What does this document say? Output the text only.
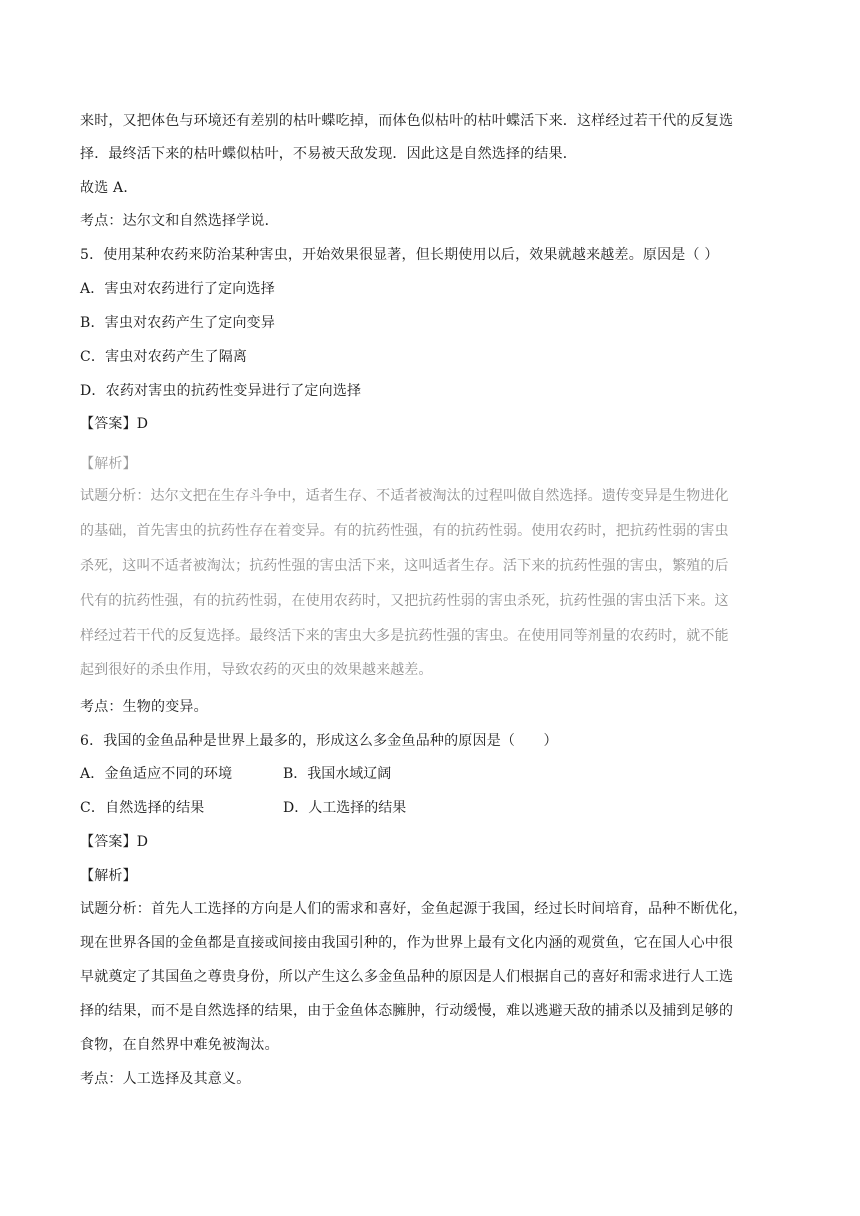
来时，又把体色与环境还有差别的枯叶蝶吃掉，而体色似枯叶的枯叶蝶活下来．这样经过若干代的反复选
择．最终活下来的枯叶蝶似枯叶，不易被天敌发现．因此这是自然选择的结果．
故选 A．
考点：达尔文和自然选择学说．
5．使用某种农药来防治某种害虫，开始效果很显著，但长期使用以后，效果就越来越差。原因是（ ）
A．害虫对农药进行了定向选择
B．害虫对农药产生了定向变异
C．害虫对农药产生了隔离
D．农药对害虫的抗药性变异进行了定向选择
【答案】D
【解析】
试题分析：达尔文把在生存斗争中，适者生存、不适者被淘汰的过程叫做自然选择。遗传变异是生物进化
的基础，首先害虫的抗药性存在着变异。有的抗药性强，有的抗药性弱。使用农药时，把抗药性弱的害虫
杀死，这叫不适者被淘汰；抗药性强的害虫活下来，这叫适者生存。活下来的抗药性强的害虫，繁殖的后
代有的抗药性强，有的抗药性弱，在使用农药时，又把抗药性弱的害虫杀死，抗药性强的害虫活下来。这
样经过若干代的反复选择。最终活下来的害虫大多是抗药性强的害虫。在使用同等剂量的农药时，就不能
起到很好的杀虫作用，导致农药的灭虫的效果越来越差。
考点：生物的变异。
6．我国的金鱼品种是世界上最多的，形成这么多金鱼品种的原因是（　　）
A．金鱼适应不同的环境	B．我国水域辽阔
C．自然选择的结果	D．人工选择的结果
【答案】D
【解析】
试题分析：首先人工选择的方向是人们的需求和喜好，金鱼起源于我国，经过长时间培育，品种不断优化，
现在世界各国的金鱼都是直接或间接由我国引种的，作为世界上最有文化内涵的观赏鱼，它在国人心中很
早就奠定了其国鱼之尊贵身份，所以产生这么多金鱼品种的原因是人们根据自己的喜好和需求进行人工选
择的结果，而不是自然选择的结果，由于金鱼体态臃肿，行动缓慢，难以逃避天敌的捕杀以及捕到足够的
食物，在自然界中难免被淘汰。
考点：人工选择及其意义。
